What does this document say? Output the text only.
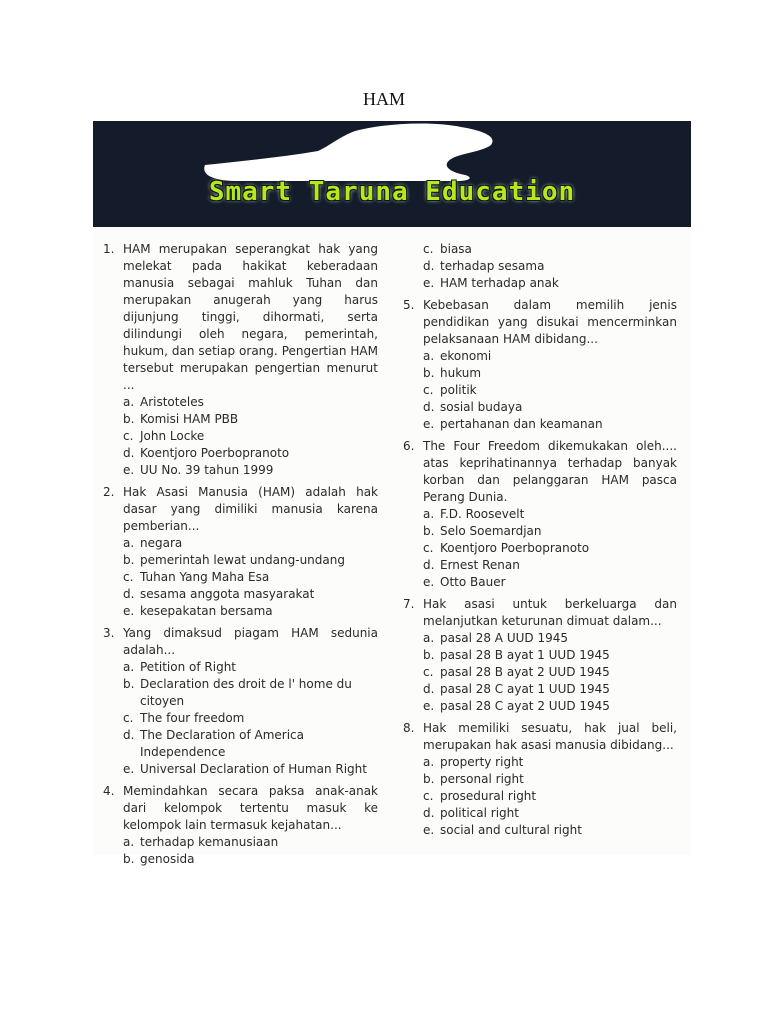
HAM
Smart Taruna Education
1. HAM merupakan seperangkat hak yang melekat pada hakikat keberadaan manusia sebagai mahluk Tuhan dan merupakan anugerah yang harus dijunjung tinggi, dihormati, serta dilindungi oleh negara, pemerintah, hukum, dan setiap orang. Pengertian HAM tersebut merupakan pengertian menurut ...
a. Aristoteles
b. Komisi HAM PBB
c. John Locke
d. Koentjoro Poerbopranoto
e. UU No. 39 tahun 1999
2. Hak Asasi Manusia (HAM) adalah hak dasar yang dimiliki manusia karena pemberian...
a. negara
b. pemerintah lewat undang-undang
c. Tuhan Yang Maha Esa
d. sesama anggota masyarakat
e. kesepakatan bersama
3. Yang dimaksud piagam HAM sedunia adalah...
a. Petition of Right
b. Declaration des droit de l' home du citoyen
c. The four freedom
d. The Declaration of America Independence
e. Universal Declaration of Human Right
4. Memindahkan secara paksa anak-anak dari kelompok tertentu masuk ke kelompok lain termasuk kejahatan...
a. terhadap kemanusiaan
b. genosida
c. biasa
d. terhadap sesama
e. HAM terhadap anak
5. Kebebasan dalam memilih jenis pendidikan yang disukai mencerminkan pelaksanaan HAM dibidang...
a. ekonomi
b. hukum
c. politik
d. sosial budaya
e. pertahanan dan keamanan
6. The Four Freedom dikemukakan oleh.... atas keprihatinannya terhadap banyak korban dan pelanggaran HAM pasca Perang Dunia.
a. F.D. Roosevelt
b. Selo Soemardjan
c. Koentjoro Poerbopranoto
d. Ernest Renan
e. Otto Bauer
7. Hak asasi untuk berkeluarga dan melanjutkan keturunan dimuat dalam...
a. pasal 28 A UUD 1945
b. pasal 28 B ayat 1 UUD 1945
c. pasal 28 B ayat 2 UUD 1945
d. pasal 28 C ayat 1 UUD 1945
e. pasal 28 C ayat 2 UUD 1945
8. Hak memiliki sesuatu, hak jual beli, merupakan hak asasi manusia dibidang...
a. property right
b. personal right
c. prosedural right
d. political right
e. social and cultural right
